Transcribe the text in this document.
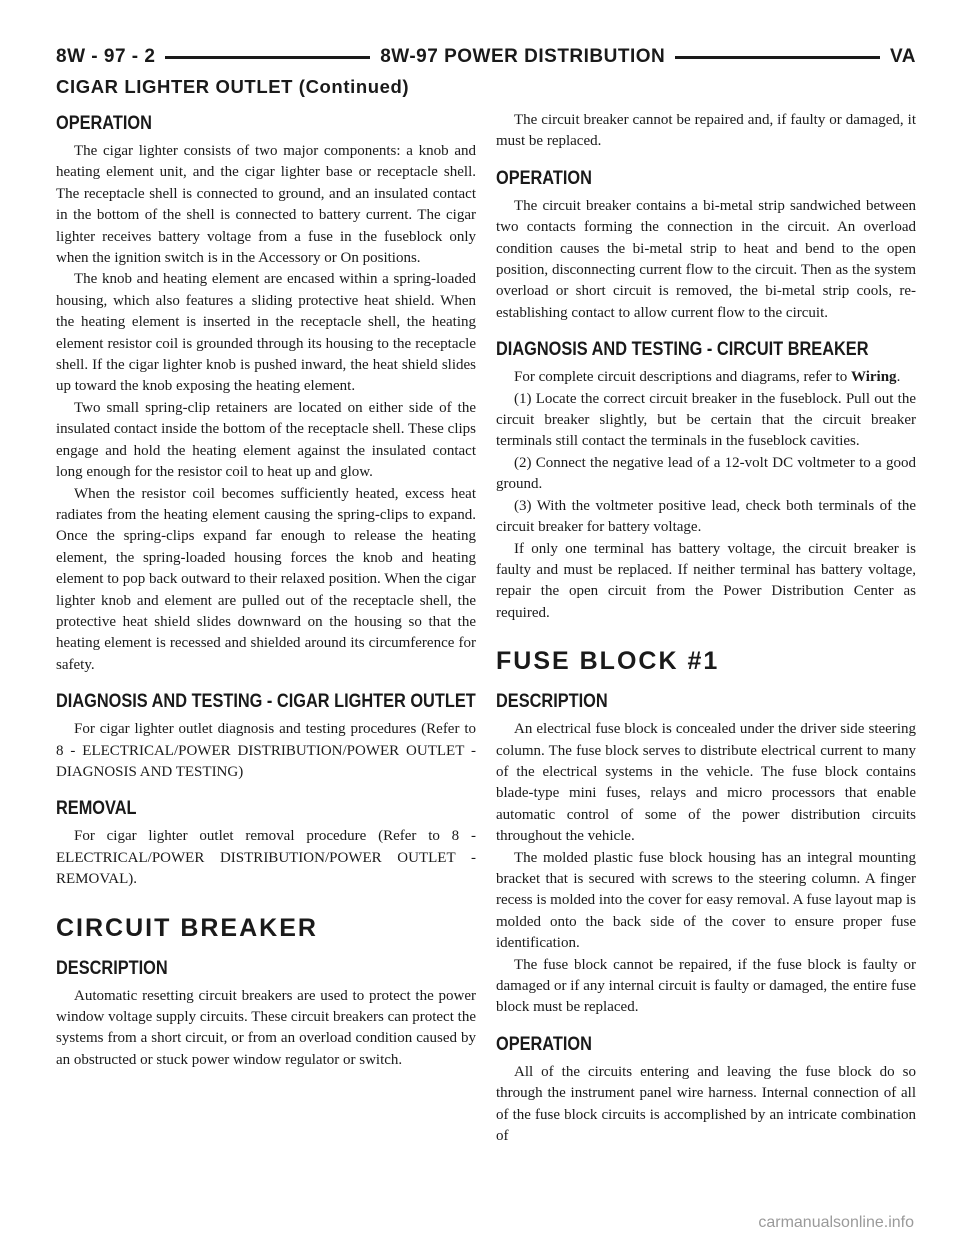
8W - 97 - 2	8W-97 POWER DISTRIBUTION	VA
CIGAR LIGHTER OUTLET (Continued)
OPERATION

The cigar lighter consists of two major components: a knob and heating element unit, and the cigar lighter base or receptacle shell. The receptacle shell is connected to ground, and an insulated contact in the bottom of the shell is connected to battery current. The cigar lighter receives battery voltage from a fuse in the fuseblock only when the ignition switch is in the Accessory or On positions.

The knob and heating element are encased within a spring-loaded housing, which also features a sliding protective heat shield. When the heating element is inserted in the receptacle shell, the heating element resistor coil is grounded through its housing to the receptacle shell. If the cigar lighter knob is pushed inward, the heat shield slides up toward the knob exposing the heating element.

Two small spring-clip retainers are located on either side of the insulated contact inside the bottom of the receptacle shell. These clips engage and hold the heating element against the insulated contact long enough for the resistor coil to heat up and glow.

When the resistor coil becomes sufficiently heated, excess heat radiates from the heating element causing the spring-clips to expand. Once the spring-clips expand far enough to release the heating element, the spring-loaded housing forces the knob and heating element to pop back outward to their relaxed position. When the cigar lighter knob and element are pulled out of the receptacle shell, the protective heat shield slides downward on the housing so that the heating element is recessed and shielded around its circumference for safety.

DIAGNOSIS AND TESTING - CIGAR LIGHTER OUTLET

For cigar lighter outlet diagnosis and testing procedures (Refer to 8 - ELECTRICAL/POWER DISTRIBUTION/POWER OUTLET - DIAGNOSIS AND TESTING)

REMOVAL

For cigar lighter outlet removal procedure (Refer to 8 - ELECTRICAL/POWER DISTRIBUTION/POWER OUTLET - REMOVAL).

CIRCUIT BREAKER
DESCRIPTION

Automatic resetting circuit breakers are used to protect the power window voltage supply circuits. These circuit breakers can protect the systems from a short circuit, or from an overload condition caused by an obstructed or stuck power window regulator or switch.

The circuit breaker cannot be repaired and, if faulty or damaged, it must be replaced.

OPERATION

The circuit breaker contains a bi-metal strip sandwiched between two contacts forming the connection in the circuit. An overload condition causes the bi-metal strip to heat and bend to the open position, disconnecting current flow to the circuit. Then as the system overload or short circuit is removed, the bi-metal strip cools, re-establishing contact to allow current flow to the circuit.

DIAGNOSIS AND TESTING - CIRCUIT BREAKER

For complete circuit descriptions and diagrams, refer to Wiring.

(1) Locate the correct circuit breaker in the fuseblock. Pull out the circuit breaker slightly, but be certain that the circuit breaker terminals still contact the terminals in the fuseblock cavities.

(2) Connect the negative lead of a 12-volt DC voltmeter to a good ground.

(3) With the voltmeter positive lead, check both terminals of the circuit breaker for battery voltage.

If only one terminal has battery voltage, the circuit breaker is faulty and must be replaced. If neither terminal has battery voltage, repair the open circuit from the Power Distribution Center as required.

FUSE BLOCK #1
DESCRIPTION

An electrical fuse block is concealed under the driver side steering column. The fuse block serves to distribute electrical current to many of the electrical systems in the vehicle. The fuse block contains blade-type mini fuses, relays and micro processors that enable automatic control of some of the power distribution circuits throughout the vehicle.

The molded plastic fuse block housing has an integral mounting bracket that is secured with screws to the steering column. A finger recess is molded into the cover for easy removal. A fuse layout map is molded onto the back side of the cover to ensure proper fuse identification.

The fuse block cannot be repaired, if the fuse block is faulty or damaged or if any internal circuit is faulty or damaged, the entire fuse block must be replaced.

OPERATION

All of the circuits entering and leaving the fuse block do so through the instrument panel wire harness. Internal connection of all of the fuse block circuits is accomplished by an intricate combination of

carmanualsonline.info
